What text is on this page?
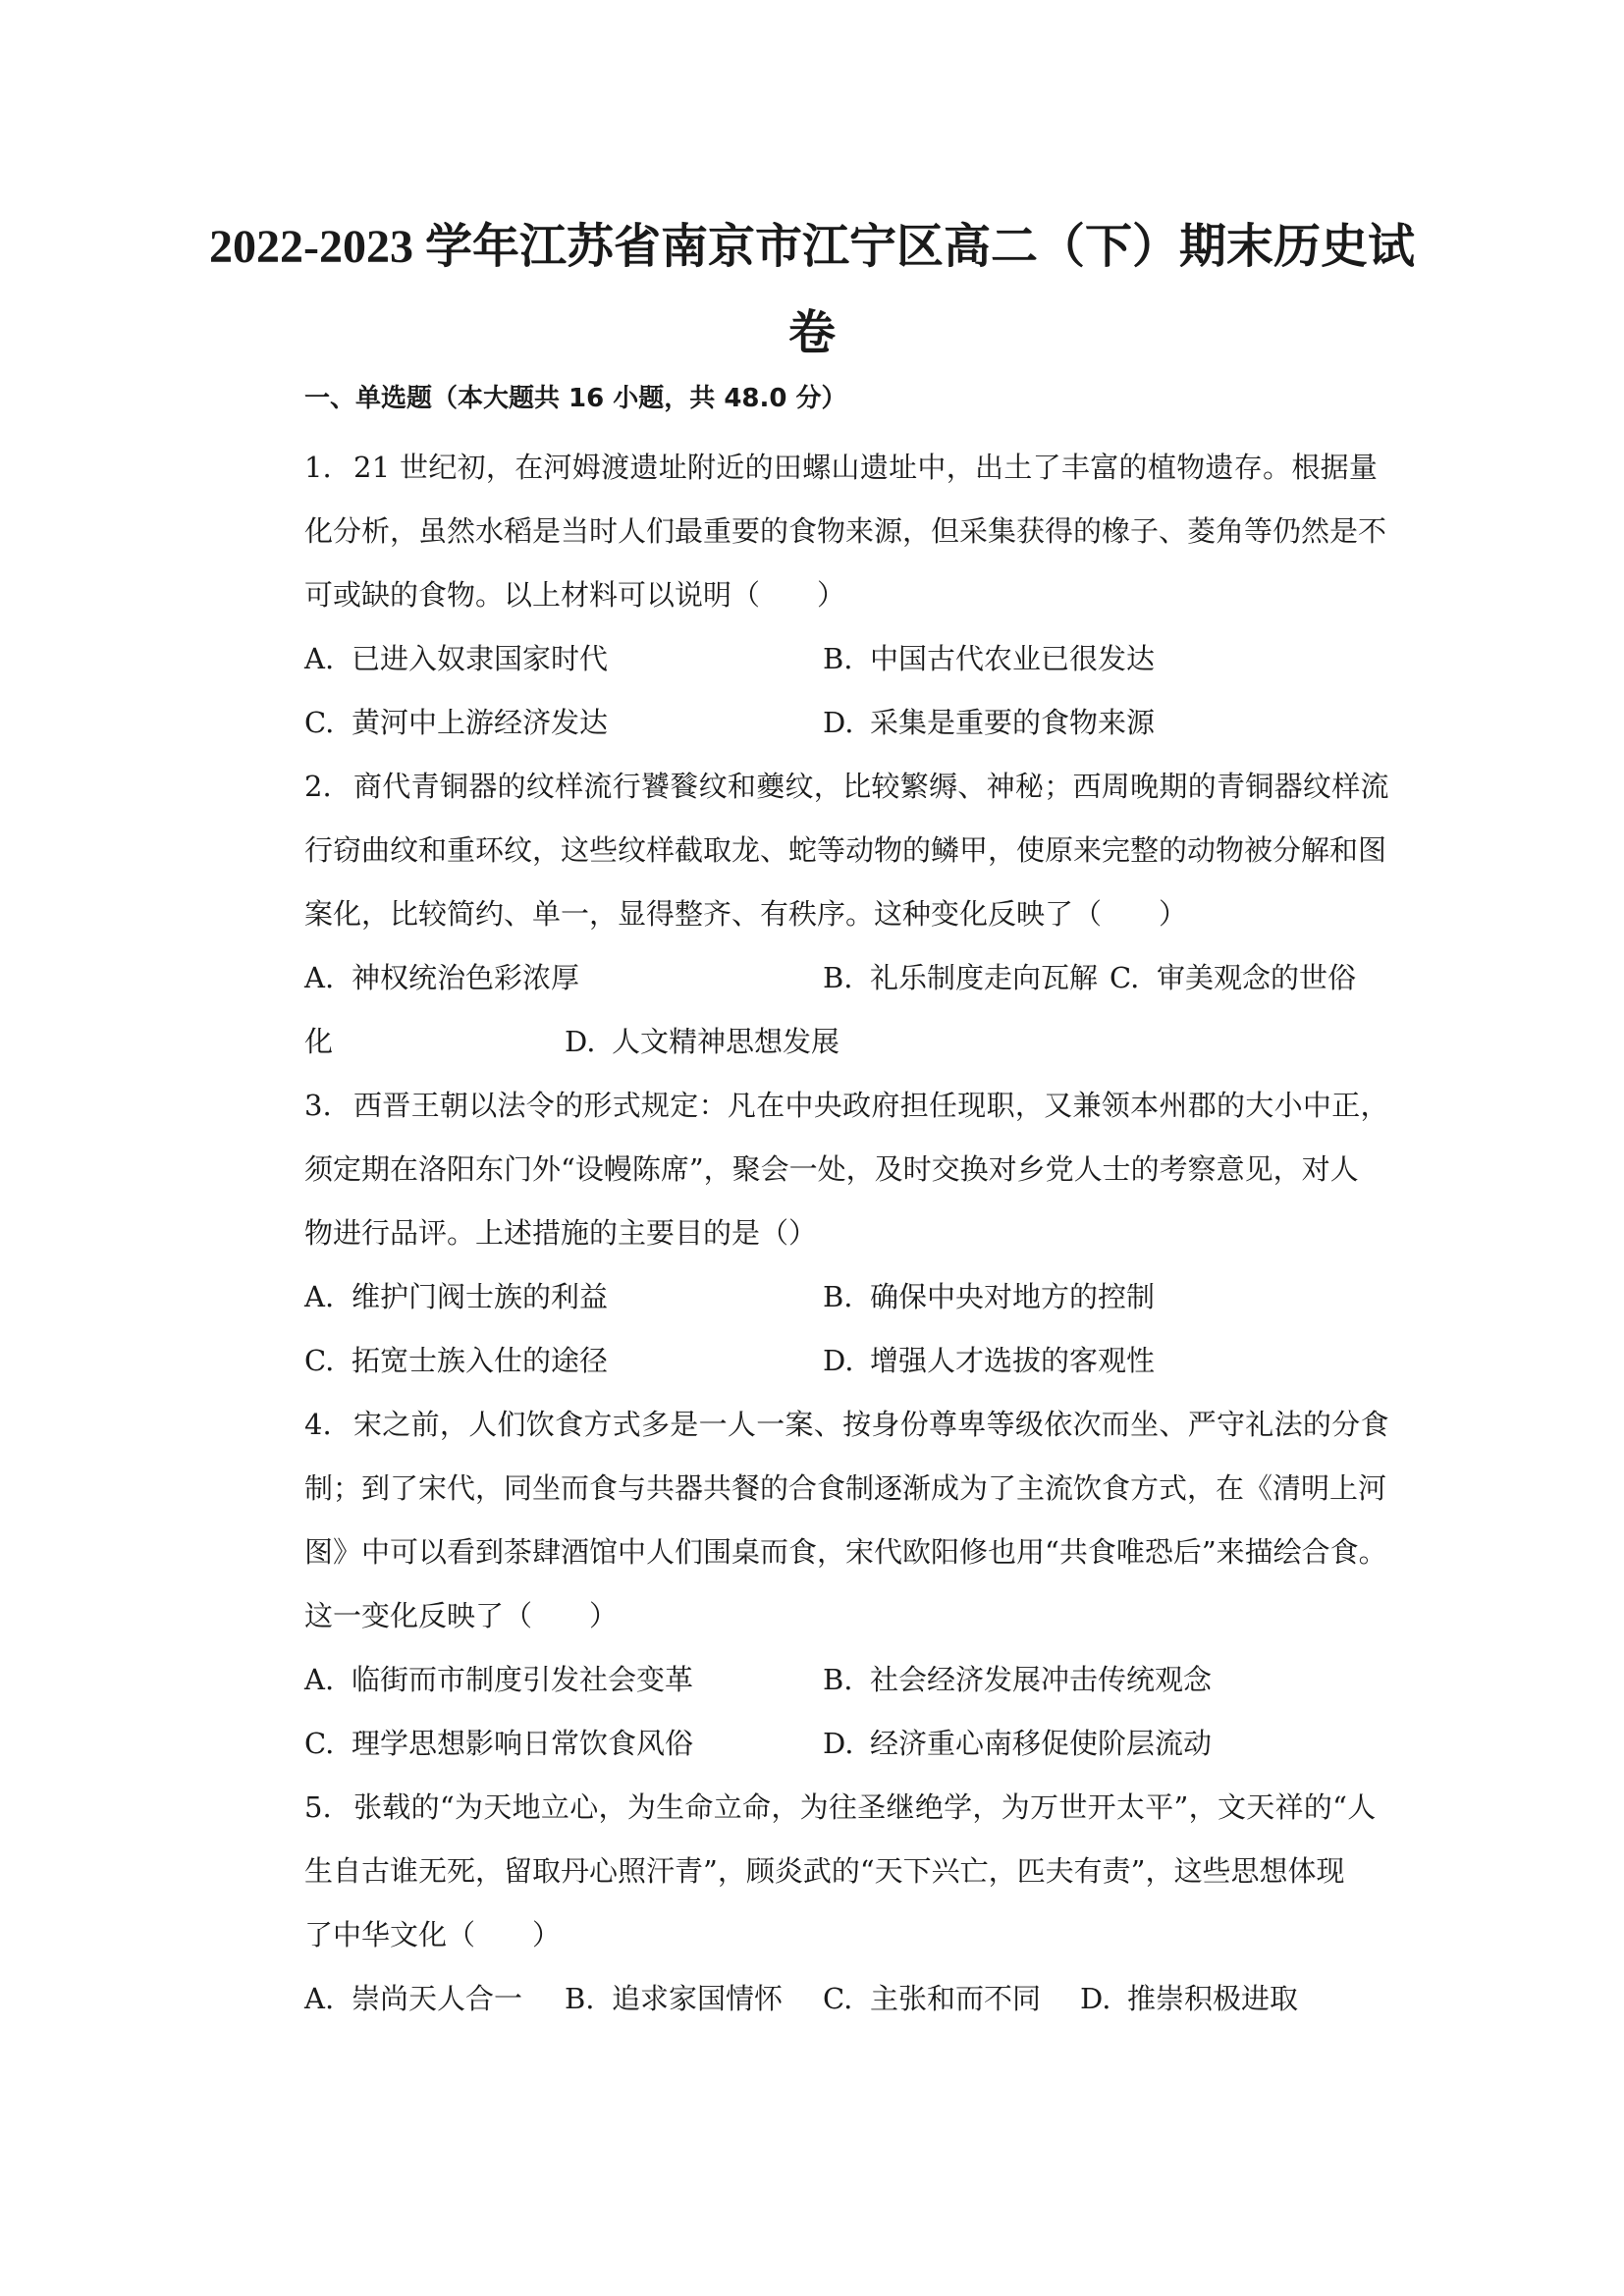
2022-2023 学年江苏省南京市江宁区高二（下）期末历史试
卷
一、单选题（本大题共 16 小题，共 48.0 分）
1. 21 世纪初，在河姆渡遗址附近的田螺山遗址中，出土了丰富的植物遗存。根据量
化分析，虽然水稻是当时人们最重要的食物来源，但采集获得的橡子、菱角等仍然是不
可或缺的食物。以上材料可以说明（　　）
A. 已进入奴隶国家时代	B. 中国古代农业已很发达
C. 黄河中上游经济发达	D. 采集是重要的食物来源
2. 商代青铜器的纹样流行饕餮纹和夔纹，比较繁缛、神秘；西周晚期的青铜器纹样流
行窃曲纹和重环纹，这些纹样截取龙、蛇等动物的鳞甲，使原来完整的动物被分解和图
案化，比较简约、单一，显得整齐、有秩序。这种变化反映了（　　）
A. 神权统治色彩浓厚	B. 礼乐制度走向瓦解 C. 审美观念的世俗
化	D. 人文精神思想发展
3. 西晋王朝以法令的形式规定：凡在中央政府担任现职，又兼领本州郡的大小中正，
须定期在洛阳东门外“设幔陈席”，聚会一处，及时交换对乡党人士的考察意见，对人
物进行品评。上述措施的主要目的是（）
A. 维护门阀士族的利益	B. 确保中央对地方的控制
C. 拓宽士族入仕的途径	D. 增强人才选拔的客观性
4. 宋之前，人们饮食方式多是一人一案、按身份尊卑等级依次而坐、严守礼法的分食
制；到了宋代，同坐而食与共器共餐的合食制逐渐成为了主流饮食方式，在《清明上河
图》中可以看到茶肆酒馆中人们围桌而食，宋代欧阳修也用“共食唯恐后”来描绘合食。
这一变化反映了（　　）
A. 临街而市制度引发社会变革	B. 社会经济发展冲击传统观念
C. 理学思想影响日常饮食风俗	D. 经济重心南移促使阶层流动
5. 张载的“为天地立心，为生命立命，为往圣继绝学，为万世开太平”，文天祥的“人
生自古谁无死，留取丹心照汗青”，顾炎武的“天下兴亡，匹夫有责”，这些思想体现
了中华文化（　　）
A. 崇尚天人合一 B. 追求家国情怀 C. 主张和而不同 D. 推崇积极进取
